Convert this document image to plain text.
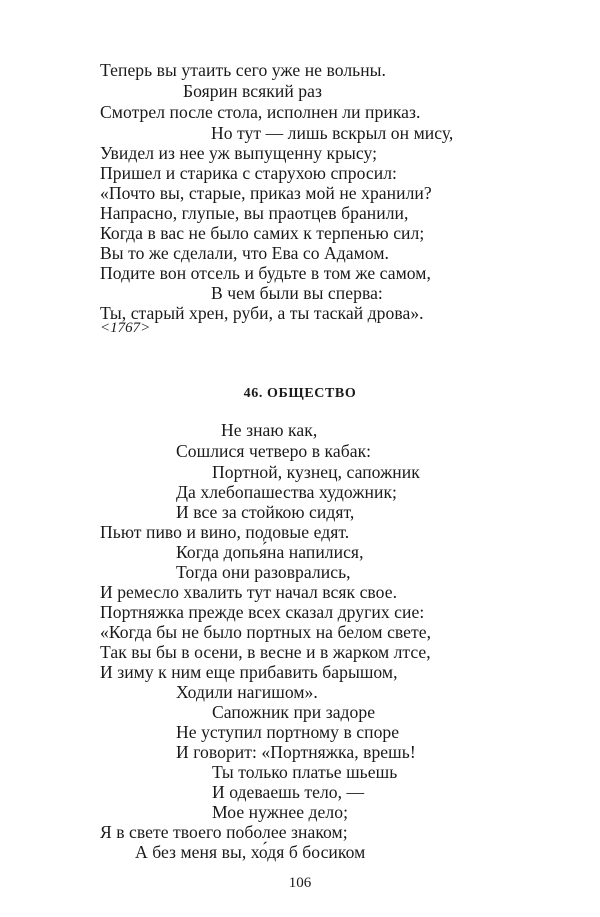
Теперь вы утаить сего уже не вольны.
Боярин всякий раз
Смотрел после стола, исполнен ли приказ.
Но тут — лишь вскрыл он мису,
Увидел из нее уж выпущенну крысу;
Пришел и старика с старухою спросил:
«Почто вы, старые, приказ мой не хранили?
Напрасно, глупые, вы праотцев бранили,
Когда в вас не было самих к терпенью сил;
Вы то же сделали, что Ева со Адамом.
Подите вон отсель и будьте в том же самом,
В чем были вы сперва:
Ты, старый хрен, руби, а ты таскай дрова».
<1767>
46. ОБЩЕСТВО
Не знаю как,
Сошлися четверо в кабак:
Портной, кузнец, сапожник
Да хлебопашества художник;
И все за стойкою сидят,
Пьют пиво и вино, подовые едят.
Когда допья́на напилися,
Тогда они разоврались,
И ремесло хвалить тут начал всяк свое.
Портняжка прежде всех сказал других сие:
«Когда бы не было портных на белом свете,
Так вы бы в осени, в весне и в жарком лтсе,
И зиму к ним еще прибавить барышом,
Ходили нагишом».
Сапожник при задоре
Не уступил портному в споре
И говорит: «Портняжка, врешь!
Ты только платье шьешь
И одеваешь тело, —
Мое нужнее дело;
Я в свете твоего поболее знаком;
А без меня вы, хо́дя б босиком
106
